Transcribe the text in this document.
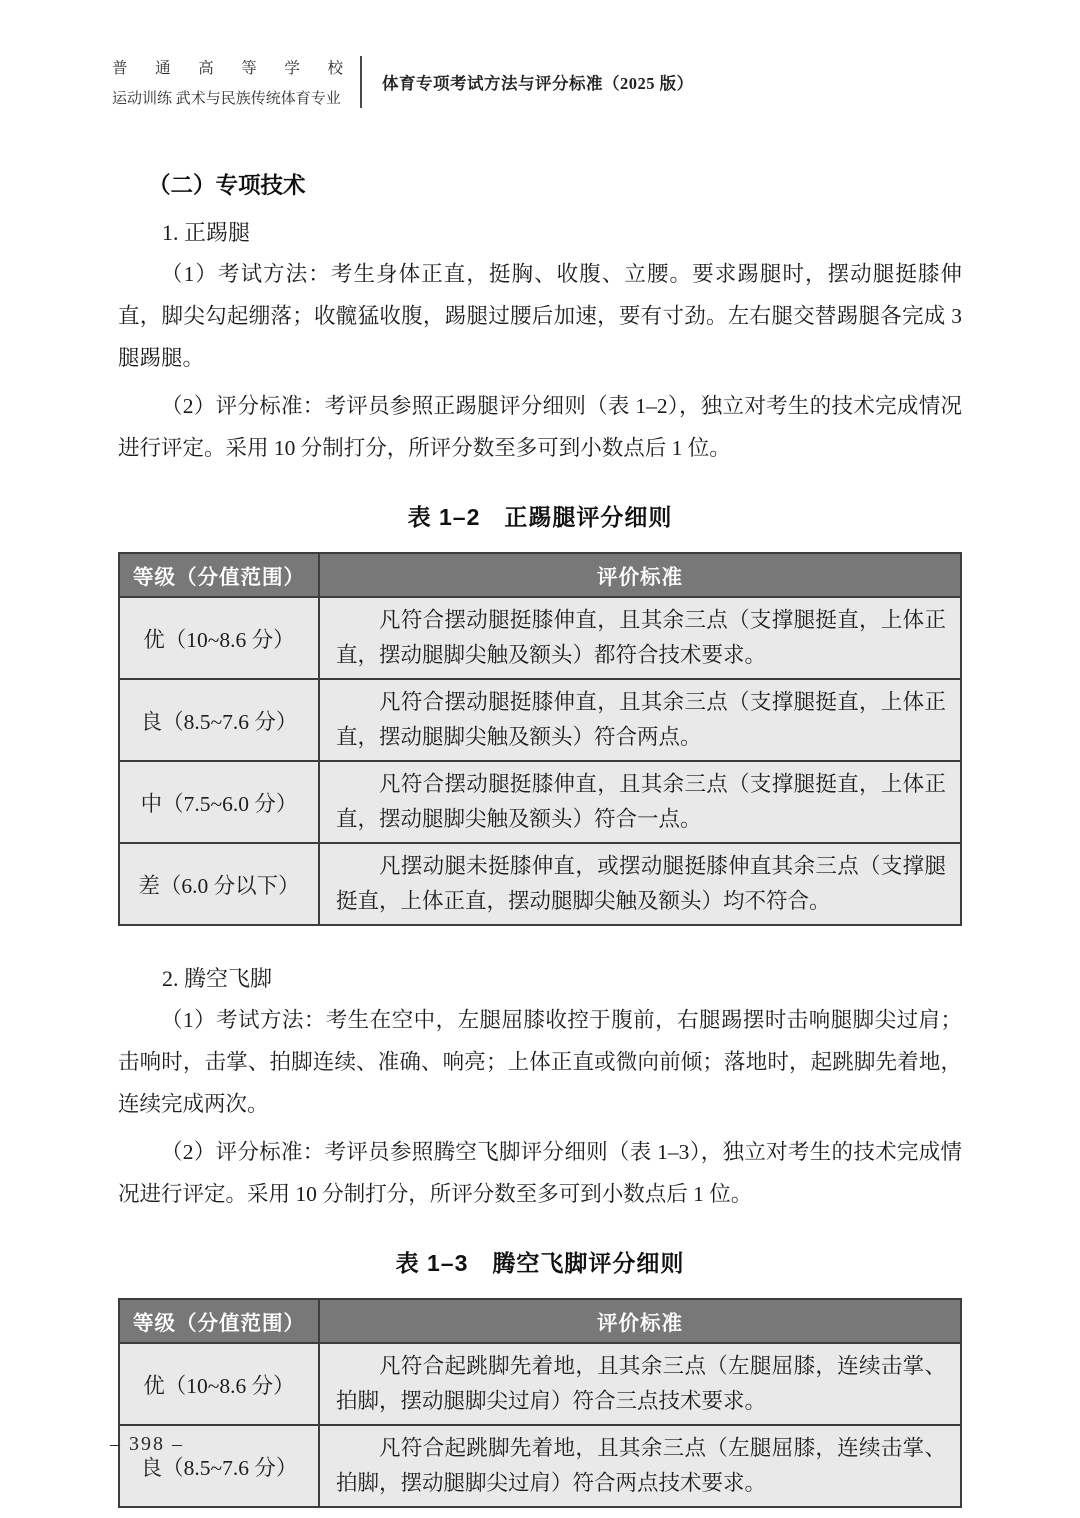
普通高等学校
运动训练 武术与民族传统体育专业
体育专项考试方法与评分标准（2025 版）
（二）专项技术
1. 正踢腿

（1）考试方法：考生身体正直，挺胸、收腹、立腰。要求踢腿时，摆动腿挺膝伸直，脚尖勾起绷落；收髋猛收腹，踢腿过腰后加速，要有寸劲。左右腿交替踢腿各完成 3 腿踢腿。

（2）评分标准：考评员参照正踢腿评分细则（表 1–2），独立对考生的技术完成情况进行评定。采用 10 分制打分，所评分数至多可到小数点后 1 位。

表 1–2　正踢腿评分细则
等级（分值范围）	评价标准
优（10~8.6 分）	凡符合摆动腿挺膝伸直，且其余三点（支撑腿挺直，上体正直，摆动腿脚尖触及额头）都符合技术要求。
良（8.5~7.6 分）	凡符合摆动腿挺膝伸直，且其余三点（支撑腿挺直，上体正直，摆动腿脚尖触及额头）符合两点。
中（7.5~6.0 分）	凡符合摆动腿挺膝伸直，且其余三点（支撑腿挺直，上体正直，摆动腿脚尖触及额头）符合一点。
差（6.0 分以下）	凡摆动腿未挺膝伸直，或摆动腿挺膝伸直其余三点（支撑腿挺直，上体正直，摆动腿脚尖触及额头）均不符合。
2. 腾空飞脚

（1）考试方法：考生在空中，左腿屈膝收控于腹前，右腿踢摆时击响腿脚尖过肩；击响时，击掌、拍脚连续、准确、响亮；上体正直或微向前倾；落地时，起跳脚先着地，连续完成两次。

（2）评分标准：考评员参照腾空飞脚评分细则（表 1–3），独立对考生的技术完成情况进行评定。采用 10 分制打分，所评分数至多可到小数点后 1 位。

表 1–3　腾空飞脚评分细则
等级（分值范围）	评价标准
优（10~8.6 分）	凡符合起跳脚先着地，且其余三点（左腿屈膝，连续击掌、拍脚，摆动腿脚尖过肩）符合三点技术要求。
良（8.5~7.6 分）	凡符合起跳脚先着地，且其余三点（左腿屈膝，连续击掌、拍脚，摆动腿脚尖过肩）符合两点技术要求。
– 398 –
